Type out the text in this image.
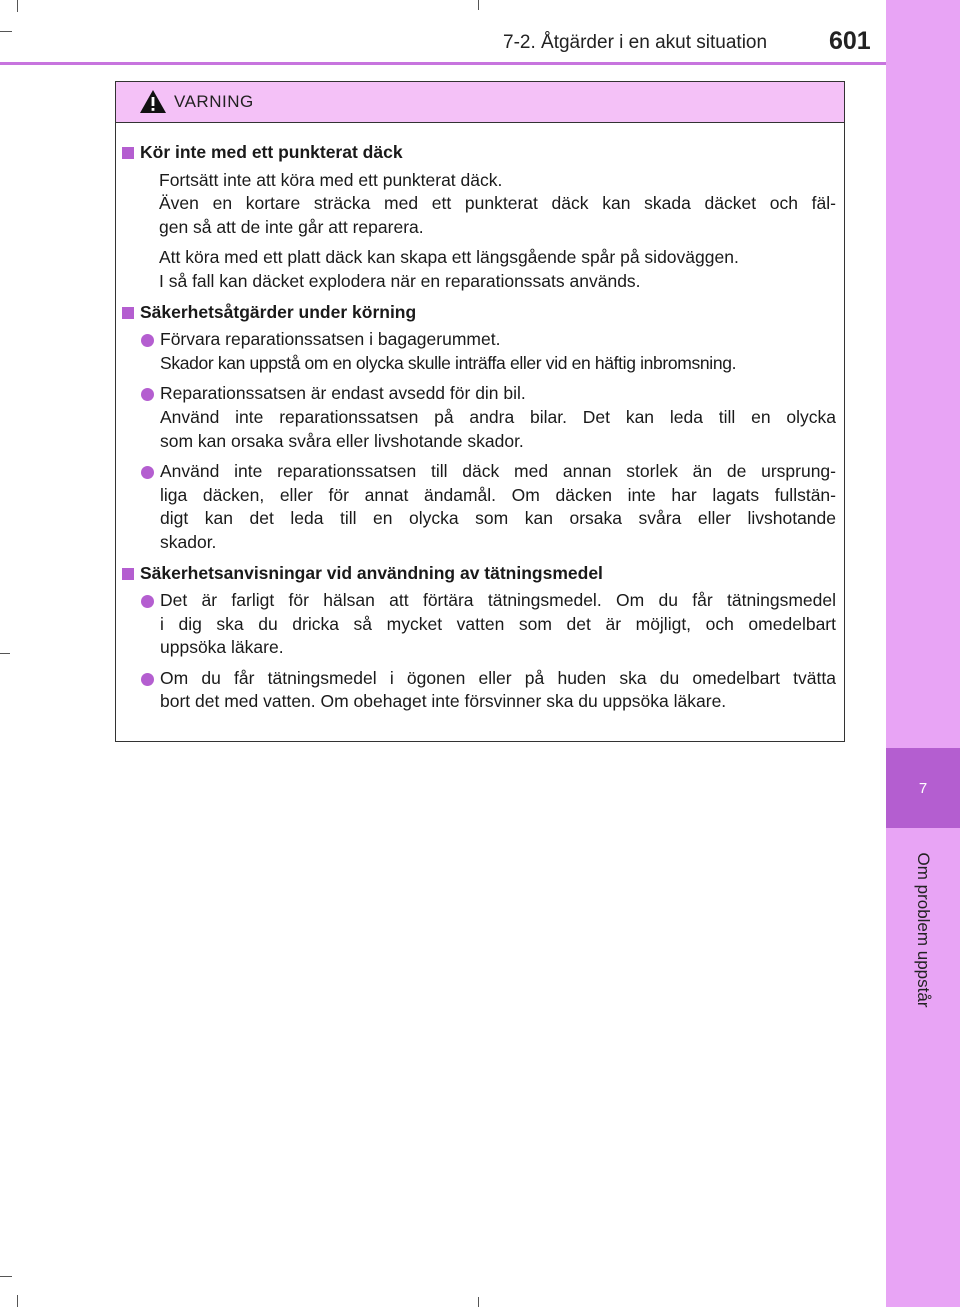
7
Om problem uppstår
7-2. Åtgärder i en akut situation 601
VARNING
Kör inte med ett punkterat däck
Fortsätt inte att köra med ett punkterat däck.
Även en kortare sträcka med ett punkterat däck kan skada däcket och fäl-
gen så att de inte går att reparera.
Att köra med ett platt däck kan skapa ett längsgående spår på sidoväggen.
I så fall kan däcket explodera när en reparationssats används.
Säkerhetsåtgärder under körning
Förvara reparationssatsen i bagagerummet.
Skador kan uppstå om en olycka skulle inträffa eller vid en häftig inbromsning.
Reparationssatsen är endast avsedd för din bil.
Använd inte reparationssatsen på andra bilar. Det kan leda till en olycka
som kan orsaka svåra eller livshotande skador.
Använd inte reparationssatsen till däck med annan storlek än de ursprung-
liga däcken, eller för annat ändamål. Om däcken inte har lagats fullstän-
digt kan det leda till en olycka som kan orsaka svåra eller livshotande
skador.
Säkerhetsanvisningar vid användning av tätningsmedel
Det är farligt för hälsan att förtära tätningsmedel. Om du får tätningsmedel
i dig ska du dricka så mycket vatten som det är möjligt, och omedelbart
uppsöka läkare.
Om du får tätningsmedel i ögonen eller på huden ska du omedelbart tvätta
bort det med vatten. Om obehaget inte försvinner ska du uppsöka läkare.
